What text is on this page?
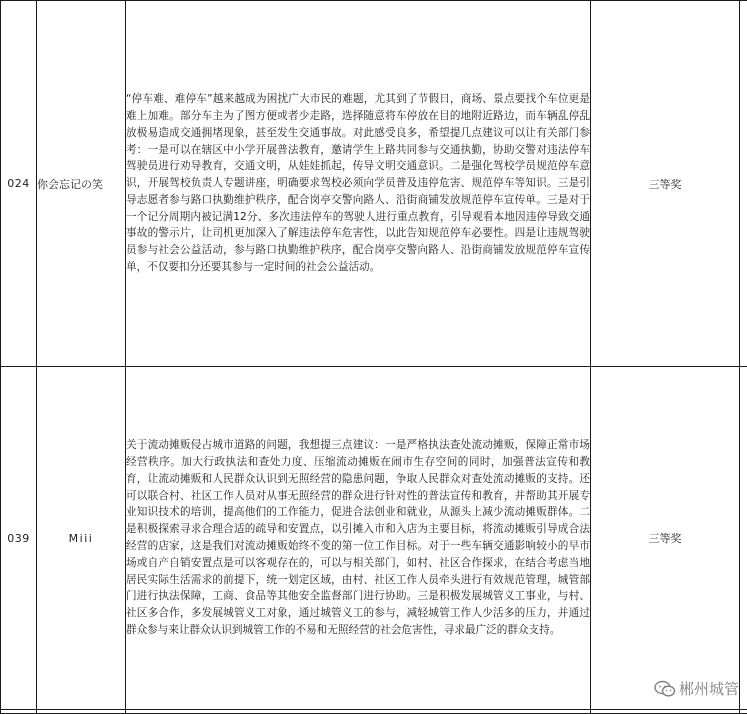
024	你会忘记の笑	“停车难、难停车”越来越成为困扰广大市民的难题，尤其到了节假日，商场、景点要找个车位更是难上加难。部分车主为了图方便或者少走路，选择随意将车停放在目的地附近路边，而车辆乱停乱放极易造成交通拥堵现象，甚至发生交通事故。对此感受良多，希望提几点建议可以让有关部门参考：一是可以在辖区中小学开展普法教育，邀请学生上路共同参与交通执勤，协助交警对违法停车驾驶员进行劝导教育，交通文明，从娃娃抓起，传导文明交通意识。二是强化驾校学员规范停车意识，开展驾校负责人专题讲座，明确要求驾校必须向学员普及违停危害、规范停车等知识。三是引导志愿者参与路口执勤维护秩序，配合岗亭交警向路人、沿街商铺发放规范停车宣传单。三是对于一个记分周期内被记满12分、多次违法停车的驾驶人进行重点教育，引导观看本地因违停导致交通事故的警示片，让司机更加深入了解违法停车危害性，以此告知规范停车必要性。四是让违规驾驶员参与社会公益活动，参与路口执勤维护秩序，配合岗亭交警向路人、沿街商铺发放规范停车宣传单，不仅要扣分还要其参与一定时间的社会公益活动。	三等奖	
039	Miii	关于流动摊贩侵占城市道路的问题，我想提三点建议：一是严格执法查处流动摊贩，保障正常市场经营秩序。加大行政执法和查处力度、压缩流动摊贩在闹市生存空间的同时，加强普法宣传和教育，让流动摊贩和人民群众认识到无照经营的隐患问题，争取人民群众对查处流动摊贩的支持。还可以联合村、社区工作人员对从事无照经营的群众进行针对性的普法宣传和教育，并帮助其开展专业知识技术的培训，提高他们的工作能力，促进合法创业和就业，从源头上减少流动摊贩群体。二是积极探索寻求合理合适的疏导和安置点，以引摊入市和入店为主要目标，将流动摊贩引导成合法经营的店家，这是我们对流动摊贩始终不变的第一位工作目标。对于一些车辆交通影响较小的早市场或自产自销安置点是可以客观存在的，可以与相关部门，如村、社区合作探求，在结合考虑当地居民实际生活需求的前提下，统一划定区域，由村、社区工作人员牵头进行有效规范管理，城管部门进行执法保障，工商、食品等其他安全监督部门进行协助。三是积极发展城管义工事业，与村、社区多合作，多发展城管义工对象，通过城管义工的参与，减轻城管工作人少活多的压力，并通过群众参与来让群众认识到城管工作的不易和无照经营的社会危害性，寻求最广泛的群众支持。	三等奖	

郴州城管
